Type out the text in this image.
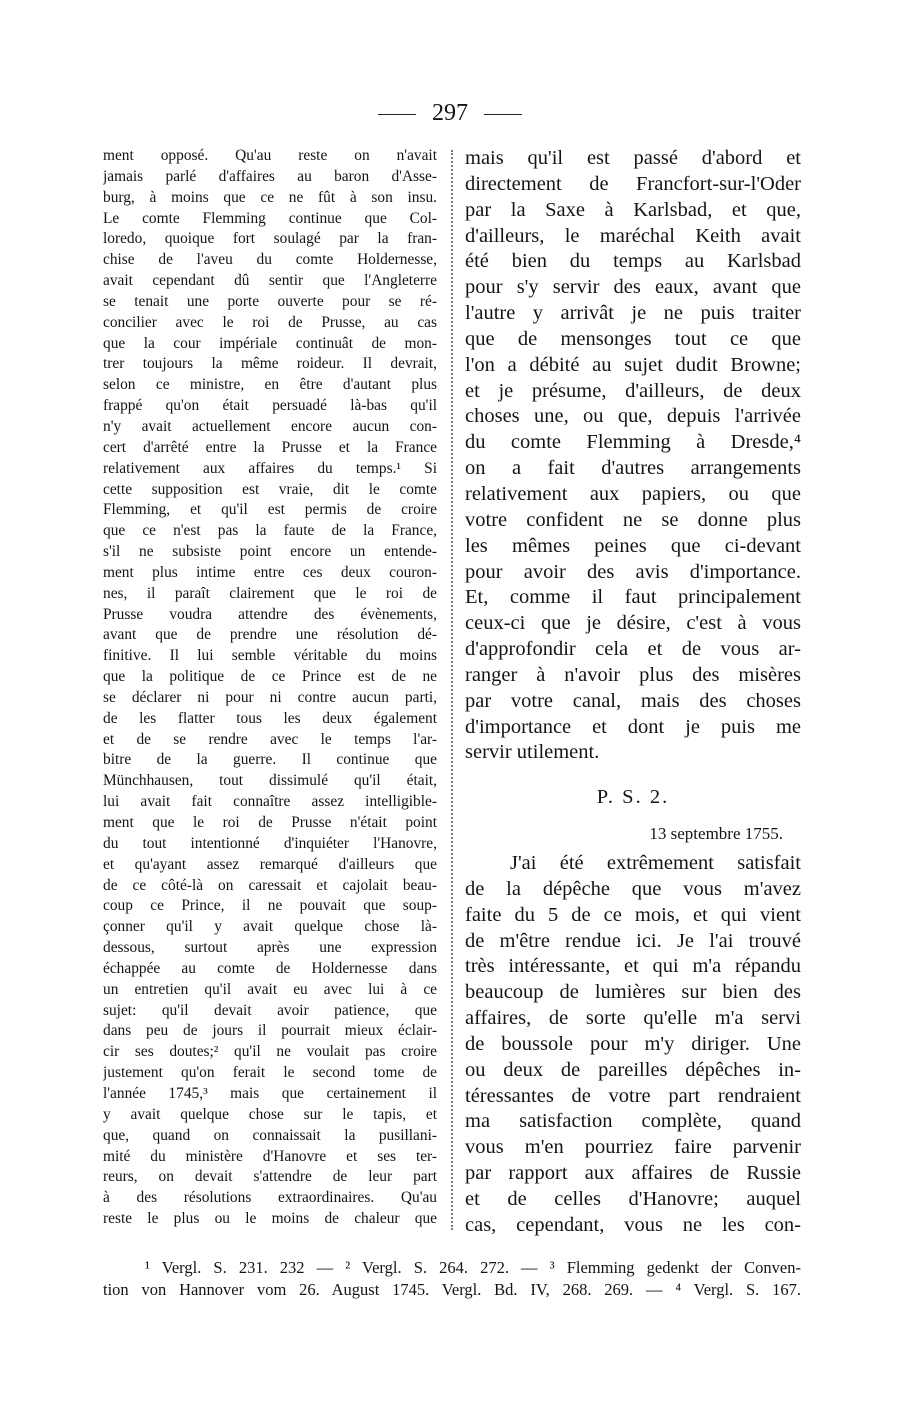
297
ment opposé. Qu'au reste on n'avait
jamais parlé d'affaires au baron d'Asse-
burg, à moins que ce ne fût à son insu.
Le comte Flemming continue que Col-
loredo, quoique fort soulagé par la fran-
chise de l'aveu du comte Holdernesse,
avait cependant dû sentir que l'Angleterre
se tenait une porte ouverte pour se ré-
concilier avec le roi de Prusse, au cas
que la cour impériale continuât de mon-
trer toujours la même roideur. Il devrait,
selon ce ministre, en être d'autant plus
frappé qu'on était persuadé là-bas qu'il
n'y avait actuellement encore aucun con-
cert d'arrêté entre la Prusse et la France
relativement aux affaires du temps.¹ Si
cette supposition est vraie, dit le comte
Flemming, et qu'il est permis de croire
que ce n'est pas la faute de la France,
s'il ne subsiste point encore un entende-
ment plus intime entre ces deux couron-
nes, il paraît clairement que le roi de
Prusse voudra attendre des évènements,
avant que de prendre une résolution dé-
finitive. Il lui semble véritable du moins
que la politique de ce Prince est de ne
se déclarer ni pour ni contre aucun parti,
de les flatter tous les deux également
et de se rendre avec le temps l'ar-
bitre de la guerre. Il continue que
Münchhausen, tout dissimulé qu'il était,
lui avait fait connaître assez intelligible-
ment que le roi de Prusse n'était point
du tout intentionné d'inquiéter l'Hanovre,
et qu'ayant assez remarqué d'ailleurs que
de ce côté-là on caressait et cajolait beau-
coup ce Prince, il ne pouvait que soup-
çonner qu'il y avait quelque chose là-
dessous, surtout après une expression
échappée au comte de Holdernesse dans
un entretien qu'il avait eu avec lui à ce
sujet: qu'il devait avoir patience, que
dans peu de jours il pourrait mieux éclair-
cir ses doutes;² qu'il ne voulait pas croire
justement qu'on ferait le second tome de
l'année 1745,³ mais que certainement il
y avait quelque chose sur le tapis, et
que, quand on connaissait la pusillani-
mité du ministère d'Hanovre et ses ter-
reurs, on devait s'attendre de leur part
à des résolutions extraordinaires. Qu'au
reste le plus ou le moins de chaleur que
mais qu'il est passé d'abord et
directement de Francfort-sur-l'Oder
par la Saxe à Karlsbad, et que,
d'ailleurs, le maréchal Keith avait
été bien du temps au Karlsbad
pour s'y servir des eaux, avant que
l'autre y arrivât je ne puis traiter
que de mensonges tout ce que
l'on a débité au sujet dudit Browne;
et je présume, d'ailleurs, de deux
choses une, ou que, depuis l'arrivée
du comte Flemming à Dresde,⁴
on a fait d'autres arrangements
relativement aux papiers, ou que
votre confident ne se donne plus
les mêmes peines que ci-devant
pour avoir des avis d'importance.
Et, comme il faut principalement
ceux-ci que je désire, c'est à vous
d'approfondir cela et de vous ar-
ranger à n'avoir plus des misères
par votre canal, mais des choses
d'importance et dont je puis me
servir utilement.
P. S. 2.
13 septembre 1755.
J'ai été extrêmement satisfait
de la dépêche que vous m'avez
faite du 5 de ce mois, et qui vient
de m'être rendue ici. Je l'ai trouvé
très intéressante, et qui m'a répandu
beaucoup de lumières sur bien des
affaires, de sorte qu'elle m'a servi
de boussole pour m'y diriger. Une
ou deux de pareilles dépêches in-
téressantes de votre part rendraient
ma satisfaction complète, quand
vous m'en pourriez faire parvenir
par rapport aux affaires de Russie
et de celles d'Hanovre; auquel
cas, cependant, vous ne les con-
¹ Vergl. S. 231. 232 — ² Vergl. S. 264. 272. — ³ Flemming gedenkt der Conven-
tion von Hannover vom 26. August 1745. Vergl. Bd. IV, 268. 269. — ⁴ Vergl. S. 167.
